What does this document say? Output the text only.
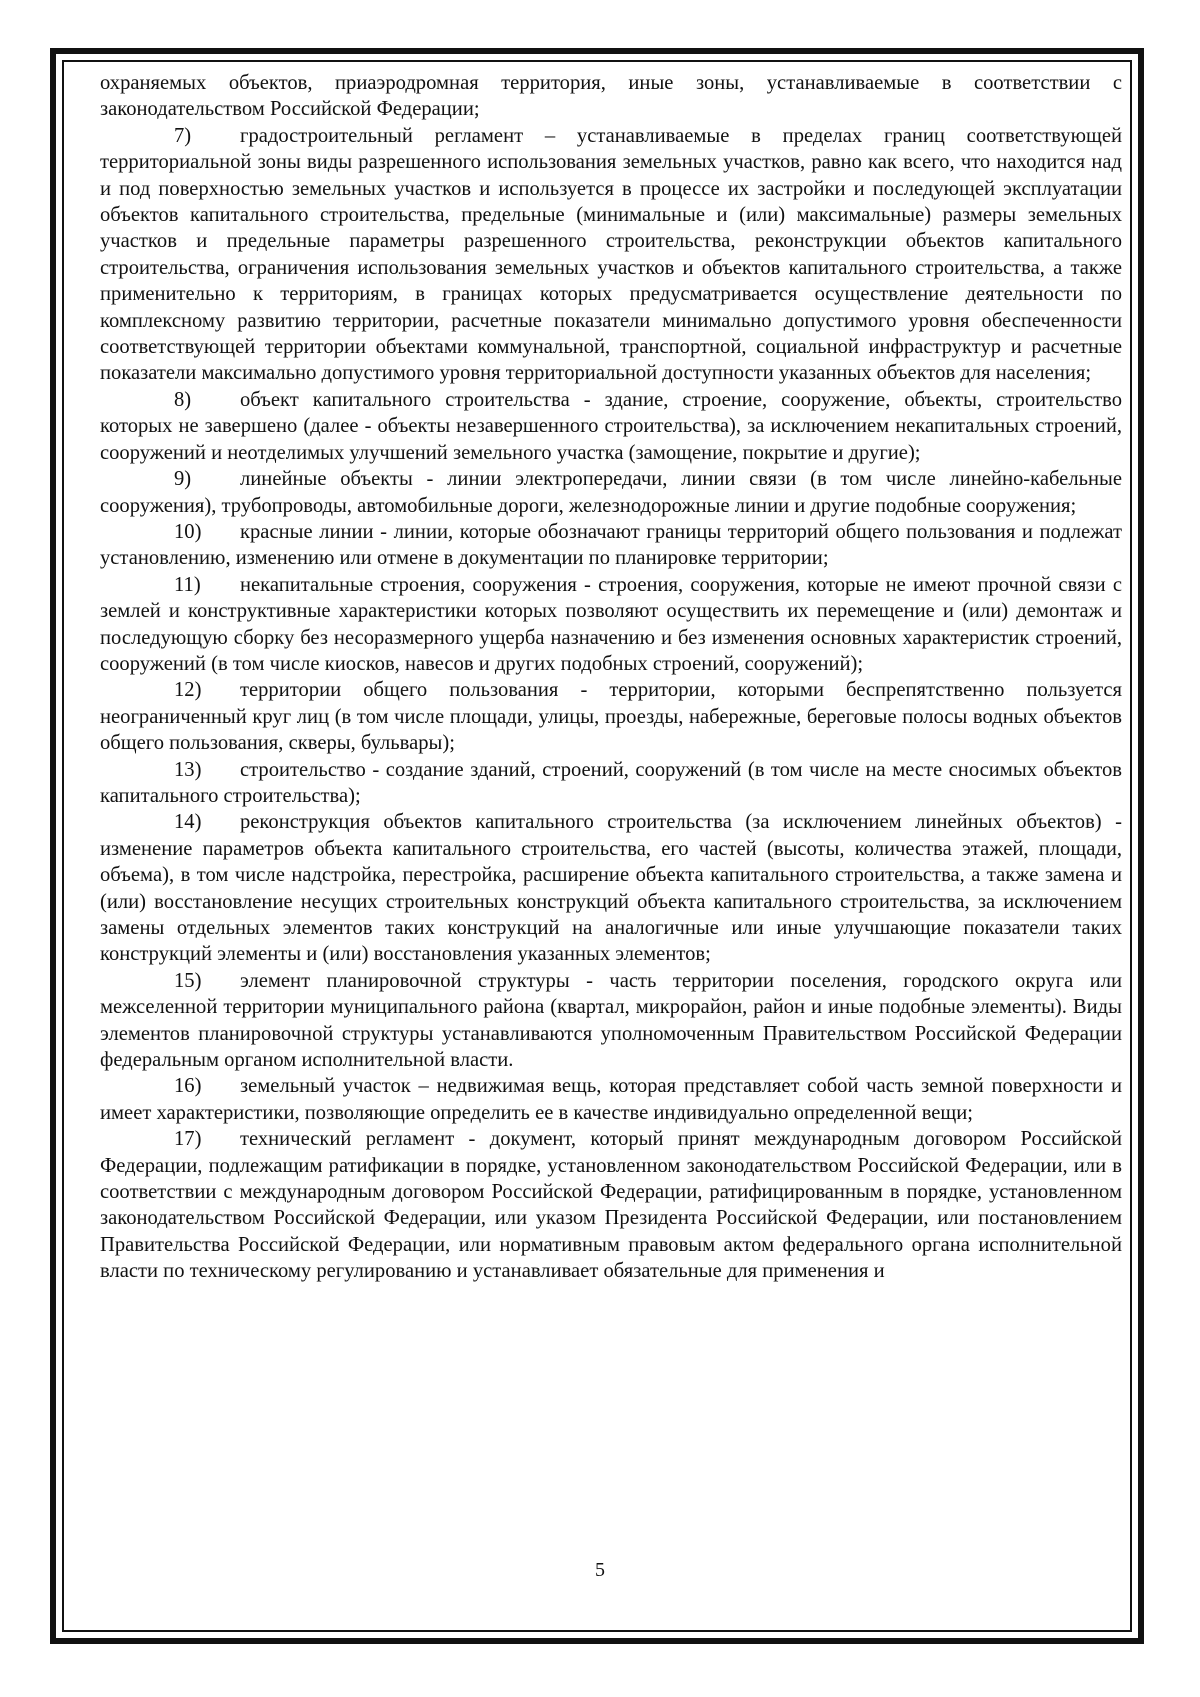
охраняемых объектов, приаэродромная территория, иные зоны, устанавливаемые в соответствии с законодательством Российской Федерации;

7) градостроительный регламент – устанавливаемые в пределах границ соответствующей территориальной зоны виды разрешенного использования земельных участков, равно как всего, что находится над и под поверхностью земельных участков и используется в процессе их застройки и последующей эксплуатации объектов капитального строительства, предельные (минимальные и (или) максимальные) размеры земельных участков и предельные параметры разрешенного строительства, реконструкции объектов капитального строительства, ограничения использования земельных участков и объектов капитального строительства, а также применительно к территориям, в границах которых предусматривается осуществление деятельности по комплексному развитию территории, расчетные показатели минимально допустимого уровня обеспеченности соответствующей территории объектами коммунальной, транспортной, социальной инфраструктур и расчетные показатели максимально допустимого уровня территориальной доступности указанных объектов для населения;

8) объект капитального строительства - здание, строение, сооружение, объекты, строительство которых не завершено (далее - объекты незавершенного строительства), за исключением некапитальных строений, сооружений и неотделимых улучшений земельного участка (замощение, покрытие и другие);

9) линейные объекты - линии электропередачи, линии связи (в том числе линейно-кабельные сооружения), трубопроводы, автомобильные дороги, железнодорожные линии и другие подобные сооружения;

10) красные линии - линии, которые обозначают границы территорий общего пользования и подлежат установлению, изменению или отмене в документации по планировке территории;

11) некапитальные строения, сооружения - строения, сооружения, которые не имеют прочной связи с землей и конструктивные характеристики которых позволяют осуществить их перемещение и (или) демонтаж и последующую сборку без несоразмерного ущерба назначению и без изменения основных характеристик строений, сооружений (в том числе киосков, навесов и других подобных строений, сооружений);

12) территории общего пользования - территории, которыми беспрепятственно пользуется неограниченный круг лиц (в том числе площади, улицы, проезды, набережные, береговые полосы водных объектов общего пользования, скверы, бульвары);

13) строительство - создание зданий, строений, сооружений (в том числе на месте сносимых объектов капитального строительства);

14) реконструкция объектов капитального строительства (за исключением линейных объектов) - изменение параметров объекта капитального строительства, его частей (высоты, количества этажей, площади, объема), в том числе надстройка, перестройка, расширение объекта капитального строительства, а также замена и (или) восстановление несущих строительных конструкций объекта капитального строительства, за исключением замены отдельных элементов таких конструкций на аналогичные или иные улучшающие показатели таких конструкций элементы и (или) восстановления указанных элементов;

15) элемент планировочной структуры - часть территории поселения, городского округа или межселенной территории муниципального района (квартал, микрорайон, район и иные подобные элементы). Виды элементов планировочной структуры устанавливаются уполномоченным Правительством Российской Федерации федеральным органом исполнительной власти.

16) земельный участок – недвижимая вещь, которая представляет собой часть земной поверхности и имеет характеристики, позволяющие определить ее в качестве индивидуально определенной вещи;

17) технический регламент - документ, который принят международным договором Российской Федерации, подлежащим ратификации в порядке, установленном законодательством Российской Федерации, или в соответствии с международным договором Российской Федерации, ратифицированным в порядке, установленном законодательством Российской Федерации, или указом Президента Российской Федерации, или постановлением Правительства Российской Федерации, или нормативным правовым актом федерального органа исполнительной власти по техническому регулированию и устанавливает обязательные для применения и

5
